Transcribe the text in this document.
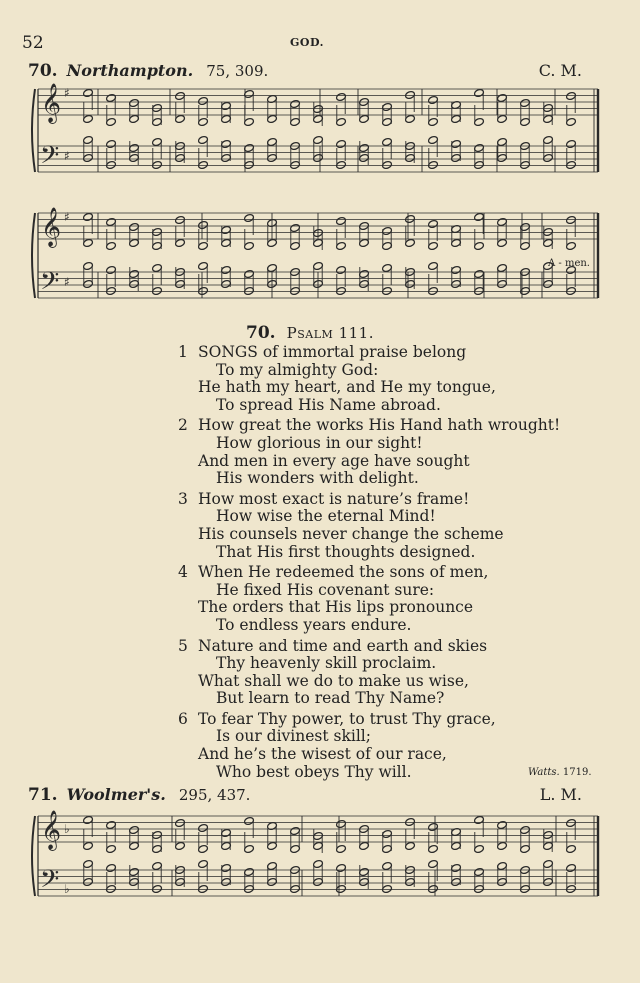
52	GOD.
70. Northampton. 75, 309.	C. M.
𝄞
𝄢
♯
♯
𝄞
𝄢
♯
♯
𝄞
𝄢
♭
♭
A - men.
70. Psalm 111.
1 SONGS of immortal praise belong
To my almighty God:
He hath my heart, and He my tongue,
To spread His Name abroad.
2 How great the works His Hand hath wrought!
How glorious in our sight!
And men in every age have sought
His wonders with delight.
3 How most exact is nature’s frame!
How wise the eternal Mind!
His counsels never change the scheme
That His first thoughts designed.
4 When He redeemed the sons of men,
He fixed His covenant sure:
The orders that His lips pronounce
To endless years endure.
5 Nature and time and earth and skies
Thy heavenly skill proclaim.
What shall we do to make us wise,
But learn to read Thy Name?
6 To fear Thy power, to trust Thy grace,
Is our divinest skill;
And he’s the wisest of our race,
Who best obeys Thy will.	Watts. 1719.
71. Woolmer's. 295, 437.	L. M.
